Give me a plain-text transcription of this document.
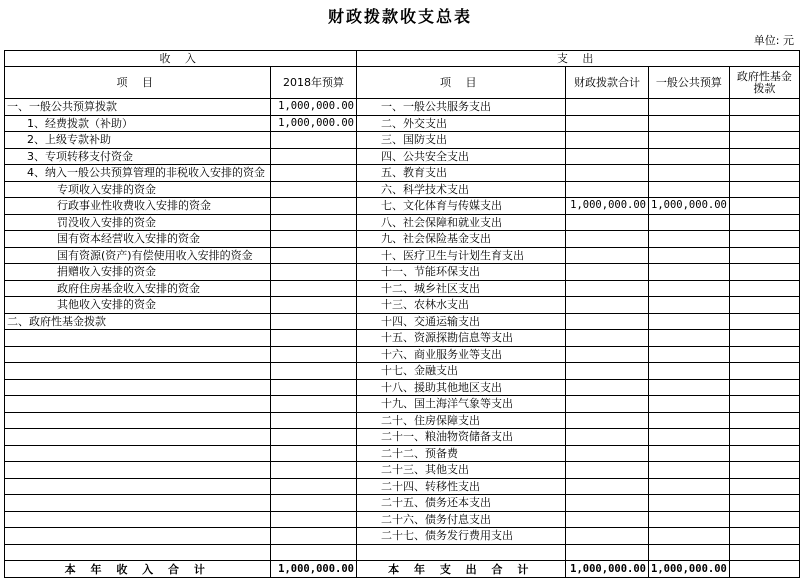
财政拨款收支总表
单位: 元
收 入		支 出			
项 目	2018年预算	项 目	财政拨款合计	一般公共预算	政府性基金拨款
一、一般公共预算拨款	1,000,000.00	一、一般公共服务支出			
1、经费拨款（补助）	1,000,000.00	二、外交支出			
2、上级专款补助		三、国防支出			
3、专项转移支付资金		四、公共安全支出			
4、纳入一般公共预算管理的非税收入安排的资金		五、教育支出			
专项收入安排的资金		六、科学技术支出			
行政事业性收费收入安排的资金		七、文化体育与传媒支出	1,000,000.00	1,000,000.00	
罚没收入安排的资金		八、社会保障和就业支出			
国有资本经营收入安排的资金		九、社会保险基金支出			
国有资源(资产)有偿使用收入安排的资金		十、医疗卫生与计划生育支出			
捐赠收入安排的资金		十一、节能环保支出			
政府住房基金收入安排的资金		十二、城乡社区支出			
其他收入安排的资金		十三、农林水支出			
二、政府性基金拨款		十四、交通运输支出			
		十五、资源探勘信息等支出			
		十六、商业服务业等支出			
		十七、金融支出			
		十八、援助其他地区支出			
		十九、国土海洋气象等支出			
		二十、住房保障支出			
		二十一、粮油物资储备支出			
		二十二、预备费			
		二十三、其他支出			
		二十四、转移性支出			
		二十五、债务还本支出			
		二十六、债务付息支出			
		二十七、债务发行费用支出			

本 年 收 入 合 计	1,000,000.00	本 年 支 出 合 计	1,000,000.00	1,000,000.00	
